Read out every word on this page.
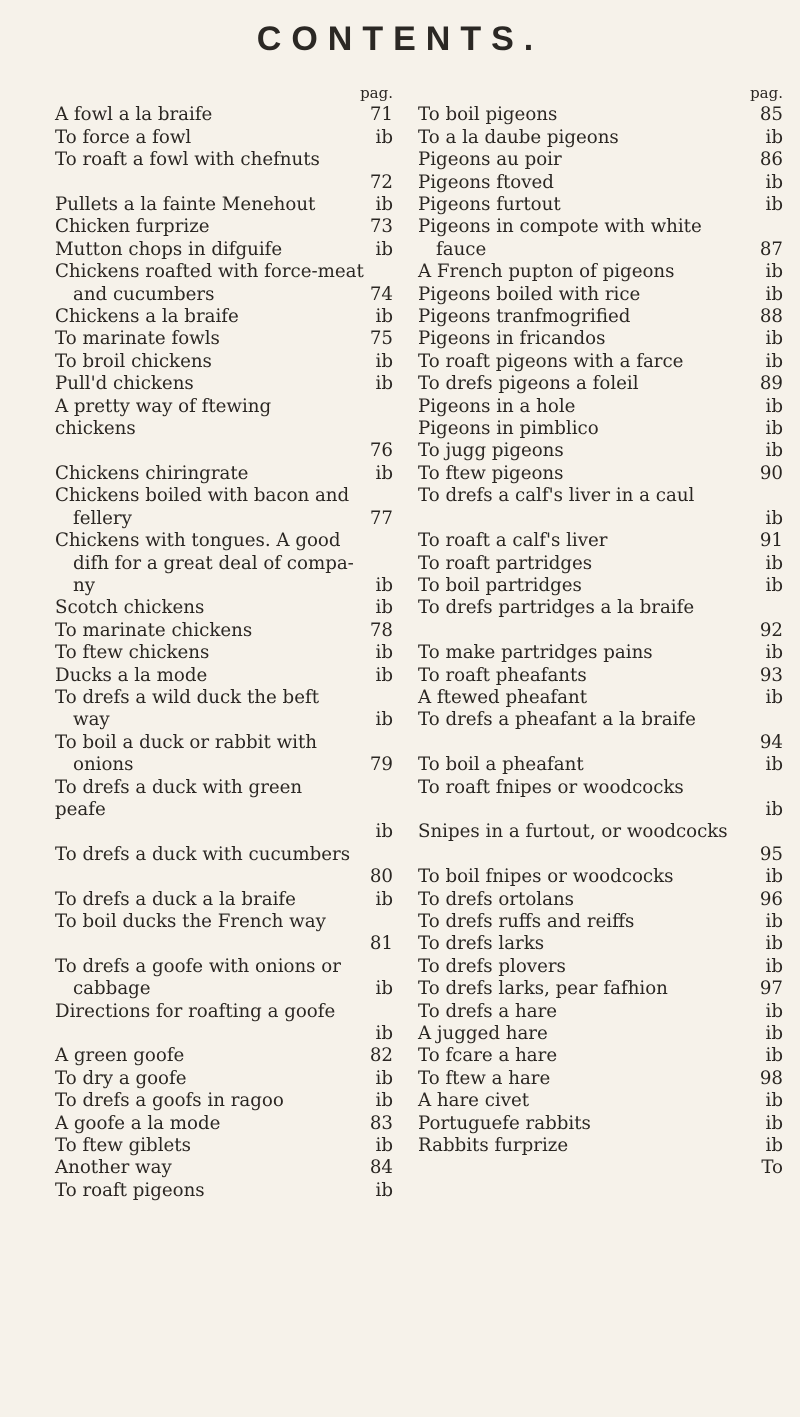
CONTENTS.
pag.
A fowl a la braife	71
To force a fowl	ib
To roaft a fowl with chefnuts
72
Pullets a la fainte Menehout	ib
Chicken furprize	73
Mutton chops in difguife	ib
Chickens roafted with force-meat
and cucumbers	74
Chickens a la braife	ib
To marinate fowls	75
To broil chickens	ib
Pull'd chickens	ib
A pretty way of ftewing chickens
76
Chickens chiringrate	ib
Chickens boiled with bacon and
fellery	77
Chickens with tongues. A good
difh for a great deal of compa-
ny	ib
Scotch chickens	ib
To marinate chickens	78
To ftew chickens	ib
Ducks a la mode	ib
To drefs a wild duck the beft
way	ib
To boil a duck or rabbit with
onions	79
To drefs a duck with green peafe
ib
To drefs a duck with cucumbers
80
To drefs a duck a la braife	ib
To boil ducks the French way
81
To drefs a goofe with onions or
cabbage	ib
Directions for roafting a goofe
ib
A green goofe	82
To dry a goofe	ib
To drefs a goofs in ragoo	ib
A goofe a la mode	83
To ftew giblets	ib
Another way	84
To roaft pigeons	ib
pag.
To boil pigeons	85
To a la daube pigeons	ib
Pigeons au poir	86
Pigeons ftoved	ib
Pigeons furtout	ib
Pigeons in compote with white
fauce	87
A French pupton of pigeons	ib
Pigeons boiled with rice	ib
Pigeons tranfmogrified	88
Pigeons in fricandos	ib
To roaft pigeons with a farce	ib
To drefs pigeons a foleil	89
Pigeons in a hole	ib
Pigeons in pimblico	ib
To jugg pigeons	ib
To ftew pigeons	90
To drefs a calf's liver in a caul
ib
To roaft a calf's liver	91
To roaft partridges	ib
To boil partridges	ib
To drefs partridges a la braife
92
To make partridges pains	ib
To roaft pheafants	93
A ftewed pheafant	ib
To drefs a pheafant a la braife
94
To boil a pheafant	ib
To roaft fnipes or woodcocks
ib
Snipes in a furtout, or woodcocks
95
To boil fnipes or woodcocks	ib
To drefs ortolans	96
To drefs ruffs and reiffs	ib
To drefs larks	ib
To drefs plovers	ib
To drefs larks, pear fafhion	97
To drefs a hare	ib
A jugged hare	ib
To fcare a hare	ib
To ftew a hare	98
A hare civet	ib
Portuguefe rabbits	ib
Rabbits furprize	ib
To
